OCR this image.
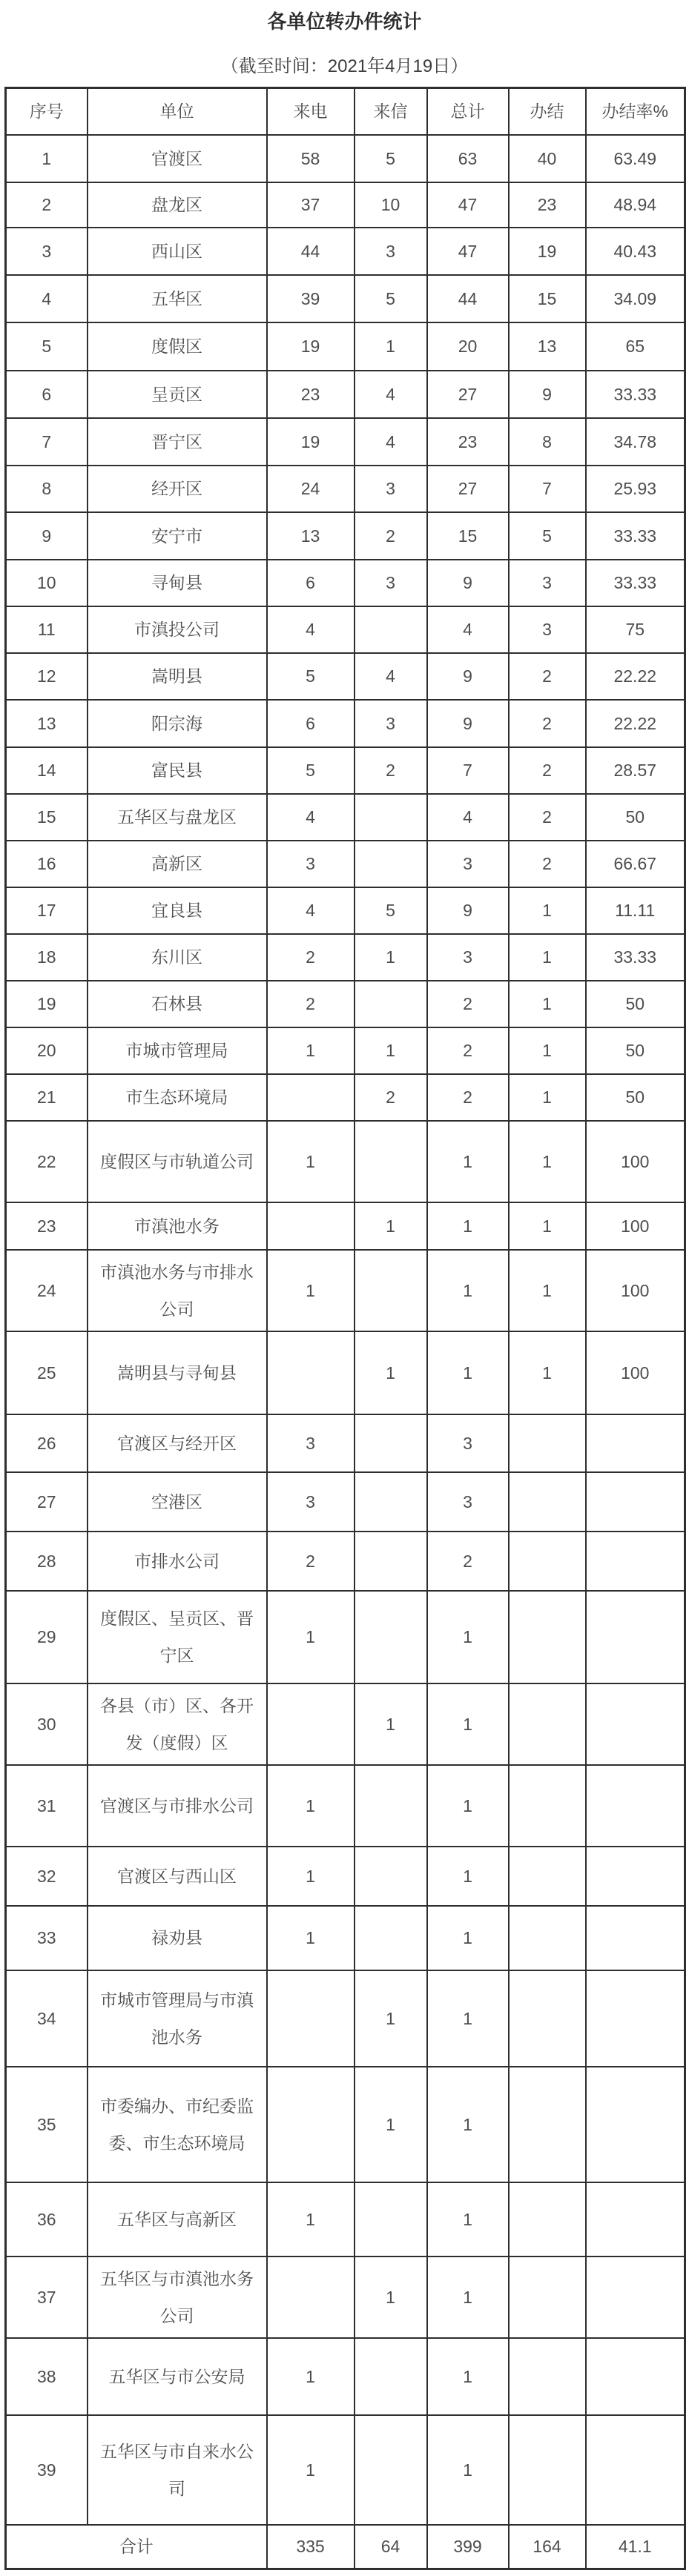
各单位转办件统计
（截至时间：2021年4月19日）
序号	单位	来电	来信	总计	办结	办结率%
1	官渡区	58	5	63	40	63.49
2	盘龙区	37	10	47	23	48.94
3	西山区	44	3	47	19	40.43
4	五华区	39	5	44	15	34.09
5	度假区	19	1	20	13	65
6	呈贡区	23	4	27	9	33.33
7	晋宁区	19	4	23	8	34.78
8	经开区	24	3	27	7	25.93
9	安宁市	13	2	15	5	33.33
10	寻甸县	6	3	9	3	33.33
11	市滇投公司	4		4	3	75
12	嵩明县	5	4	9	2	22.22
13	阳宗海	6	3	9	2	22.22
14	富民县	5	2	7	2	28.57
15	五华区与盘龙区	4		4	2	50
16	高新区	3		3	2	66.67
17	宜良县	4	5	9	1	11.11
18	东川区	2	1	3	1	33.33
19	石林县	2		2	1	50
20	市城市管理局	1	1	2	1	50
21	市生态环境局		2	2	1	50
22	度假区与市轨道公司	1		1	1	100
23	市滇池水务		1	1	1	100
24	市滇池水务与市排水公司	1		1	1	100
25	嵩明县与寻甸县		1	1	1	100
26	官渡区与经开区	3		3		
27	空港区	3		3		
28	市排水公司	2		2		
29	度假区、呈贡区、晋宁区	1		1		
30	各县（市）区、各开发（度假）区		1	1		
31	官渡区与市排水公司	1		1		
32	官渡区与西山区	1		1		
33	禄劝县	1		1		
34	市城市管理局与市滇池水务		1	1		
35	市委编办、市纪委监委、市生态环境局		1	1		
36	五华区与高新区	1		1		
37	五华区与市滇池水务公司		1	1		
38	五华区与市公安局	1		1		
39	五华区与市自来水公司	1		1		
合计		335	64	399	164	41.1
